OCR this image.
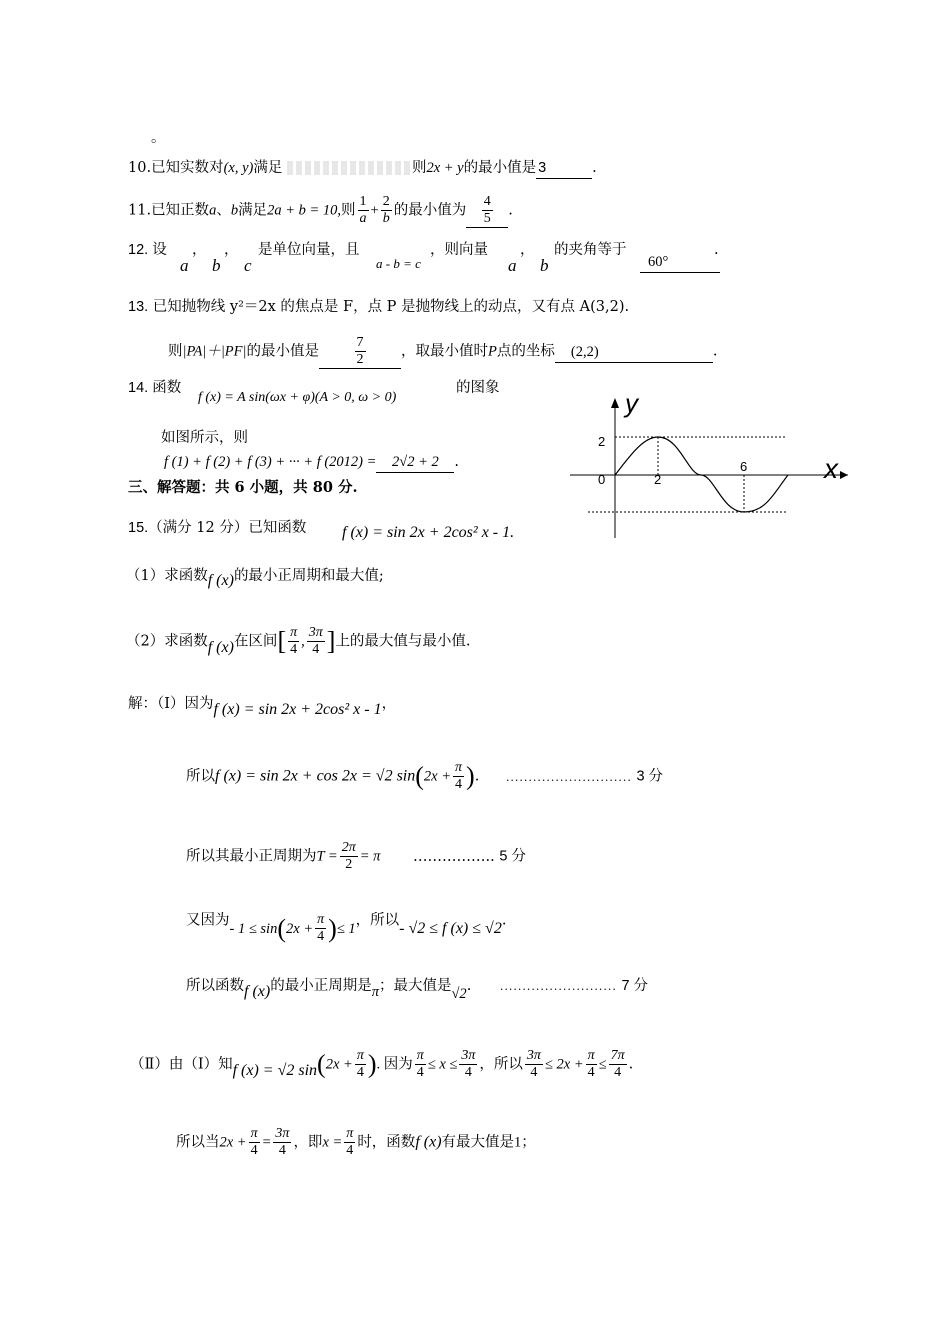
。
10.已知实数对(x, y)满足	则2x + y的最小值是 3	.
11.已知正数a、b满足2a + b = 10,则 $\frac{1}{a} + \frac{2}{b}$ 的最小值为 $\frac{4}{5}$ .
12. 设
a
，
b
，
c
是单位向量，且
a - b = c
，则向量
a
，
b
的夹角等于
60°
.
13. 已知抛物线 y²＝2x 的焦点是 F，点 P 是抛物线上的动点，又有点 A(3,2).
则|PA|＋|PF|的最小值是	$\frac{7}{2}$ ，取最小值时P点的坐标 (2,2)	.
14. 函数
f (x) = A sin(ωx + φ)(A > 0, ω > 0)
的图象
如图所示，则
f (1) + f (2) + f (3) + ··· + f (2012) = 2√2 + 2 .
y
x
2
0	2
6
三、解答题：共 6 小题，共 80 分.
15.（满分 12 分）已知函数 f (x) = sin 2x + 2cos² x - 1.
（1）求函数f (x)的最小正周期和最大值;
（2）求函数f (x)在区间[ $\frac{\pi}{4}$ , $\frac{3\pi}{4}$ ]上的最大值与最小值.
解：（Ⅰ）因为f (x) = sin 2x + 2cos² x - 1，
所以f (x) = sin 2x + cos 2x = √2 $\sin(2x + \frac{\pi}{4}$ ). ............................ 3 分
所以其最小正周期为$T = \frac{2\pi}{2} = \pi$ …………….. 5 分
又因为- $1 \le \sin(2x + \frac{\pi}{4}$ )≤ 1，所以- √2 ≤ f (x) ≤ √2.
所以函数f (x)的最小正周期是π；最大值是√2.	.......................... 7 分
（Ⅱ）由（Ⅰ）知f (x) = √2 $\sin(2x + \frac{\pi}{4}$ ). 因为 $\frac{\pi}{4} \le x \le \frac{3\pi}{4}$ ，所以 $\frac{3\pi}{4} \le 2x + \frac{\pi}{4} \le \frac{7\pi}{4}$ .
所以当$2x + \frac{\pi}{4} = \frac{3\pi}{4}$ ，即$x = \frac{\pi}{4}$ 时，函数f (x)有最大值是1；
